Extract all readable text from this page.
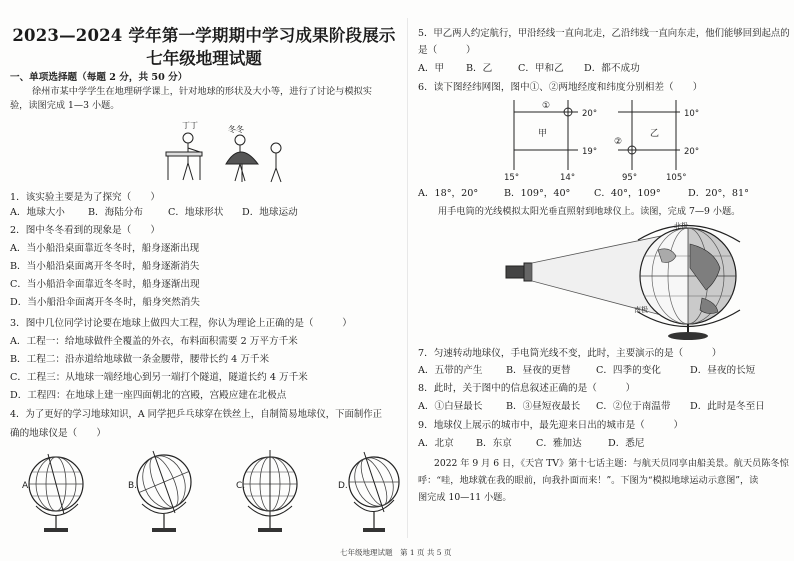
2023—2024 学年第一学期期中学习成果阶段展示
七年级地理试题
一、单项选择题（每题 2 分，共 50 分）
徐州市某中学学生在地理研学课上，针对地球的形状及大小等，进行了讨论与模拟实
验，读图完成 1—3 小题。
丁丁	冬冬
1．该实验主要是为了探究（　　）
A．地球大小 B．海陆分布	C．地球形状 D．地球运动
2．图中冬冬看到的现象是（　　）
A．当小船沿桌面靠近冬冬时，船身逐渐出现
B．当小船沿桌面离开冬冬时，船身逐渐消失
C．当小船沿伞面靠近冬冬时，船身逐渐出现
D．当小船沿伞面离开冬冬时，船身突然消失
3．图中几位同学讨论要在地球上做四大工程，你认为理论上正确的是（　　　）
A．工程一：给地球做件全覆盖的外衣，布料面积需要 2 万平方千米
B．工程二：沿赤道给地球做一条金腰带，腰带长约 4 万千米
C．工程三：从地球一端经地心到另一端打个隧道，隧道长约 4 万千米
D．工程四：在地球上建一座四面朝北的宫殿，宫殿应建在北极点
4．为了更好的学习地球知识，A 同学把乒乓球穿在铁丝上，自制简易地球仪，下面制作正
确的地球仪是（　　）
A.	B.	C.	D.
5．甲乙两人约定航行，甲沿经线一直向北走，乙沿纬线一直向东走，他们能够回到起点的
是（　　　）
A．甲 B．乙	C．甲和乙 D．都不成功
6．读下图经纬网图，图中①、②两地经度和纬度分别相差（　　）
①
甲
20°
19°
15°	14°
②
乙
10°
20°
95°	105°
A．18°，20°	B．109°，40° C．40°，109°	D．20°，81°
用手电筒的光线模拟太阳光垂直照射到地球仪上。读图，完成 7—9 小题。
北极
南极
7．匀速转动地球仪，手电筒光线不变，此时，主要演示的是（　　　）
A．五带的产生 B．昼夜的更替	C．四季的变化	D．昼夜的长短
8．此时，关于图中的信息叙述正确的是（　　　）
A．①白昼最长 B．③昼短夜最长 C．②位于南温带 D．此时是冬至日
9．地球仪上展示的城市中，最先迎来日出的城市是（　　　）
A．北京 B．东京	C．雅加达	D．悉尼
2022 年 9 月 6 日，《天宫 TV》第十七话主题：与航天员同享由船美景。航天员陈冬惊
呼：“哇，地球就在我的眼前，向我扑面而来！”。下图为“模拟地球运动示意图”，读
图完成 10—11 小题。
七年级地理试题　第 1 页 共 5 页
